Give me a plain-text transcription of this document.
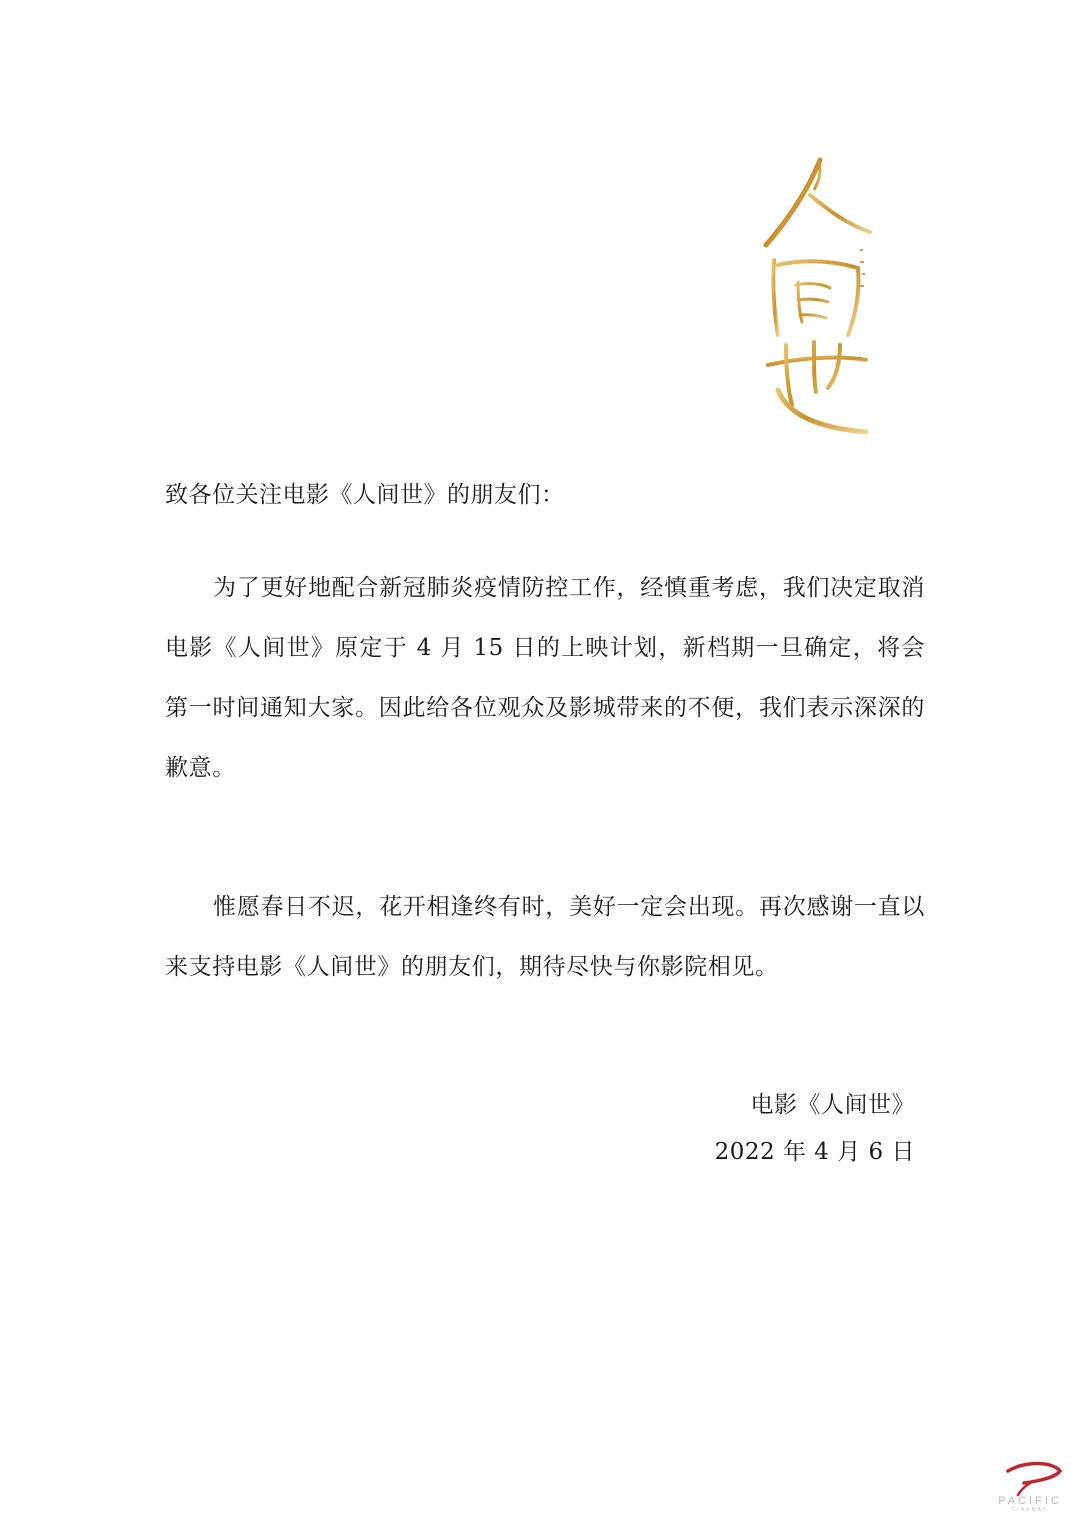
致各位关注电影《人间世》的朋友们：

为了更好地配合新冠肺炎疫情防控工作，经慎重考虑，我们决定取消电影《人间世》原定于 4 月 15 日的上映计划，新档期一旦确定，将会第一时间通知大家。因此给各位观众及影城带来的不便，我们表示深深的歉意。

惟愿春日不迟，花开相逢终有时，美好一定会出现。再次感谢一直以来支持电影《人间世》的朋友们，期待尽快与你影院相见。

电影《人间世》
2022 年 4 月 6 日
PACIFIC
CINEMAS
